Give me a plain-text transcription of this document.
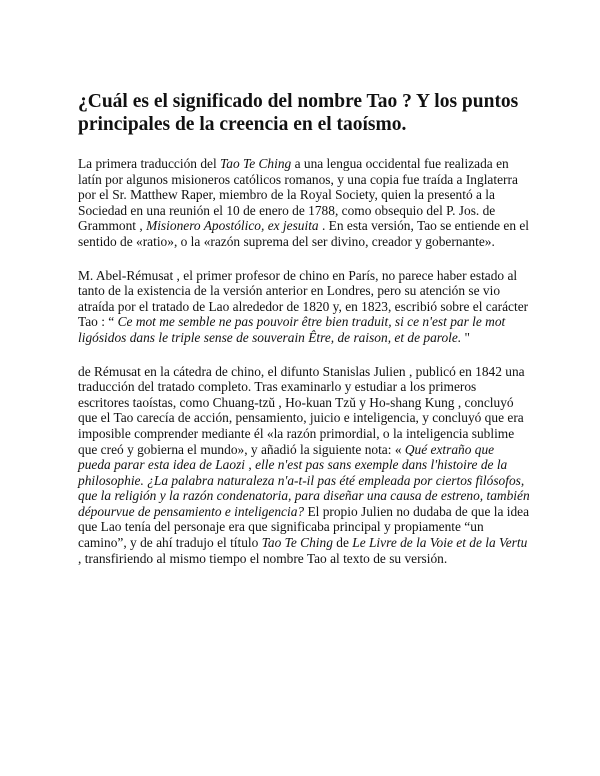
¿Cuál es el significado del nombre Tao ? Y los puntos principales de la creencia en el taoísmo.

La primera traducción del Tao Te Ching a una lengua occidental fue realizada en latín por algunos misioneros católicos romanos, y una copia fue traída a Inglaterra por el Sr. Matthew Raper, miembro de la Royal Society, quien la presentó a la Sociedad en una reunión el 10 de enero de 1788, como obsequio del P. Jos. de Grammont , Misionero Apostólico, ex jesuita . En esta versión, Tao se entiende en el sentido de «ratio», o la «razón suprema del ser divino, creador y gobernante».

M. Abel-Rémusat , el primer profesor de chino en París, no parece haber estado al tanto de la existencia de la versión anterior en Londres, pero su atención se vio atraída por el tratado de Lao alrededor de 1820 y, en 1823, escribió sobre el carácter Tao : “ Ce mot me semble ne pas pouvoir être bien traduit, si ce n'est par le mot ligósidos dans le triple sense de souverain Être, de raison, et de parole. "

de Rémusat en la cátedra de chino, el difunto Stanislas Julien , publicó en 1842 una traducción del tratado completo. Tras examinarlo y estudiar a los primeros escritores taoístas, como Chuang-tzŭ , Ho-kuan Tzŭ y Ho-shang Kung , concluyó que el Tao carecía de acción, pensamiento, juicio e inteligencia, y concluyó que era imposible comprender mediante él «la razón primordial, o la inteligencia sublime que creó y gobierna el mundo», y añadió la siguiente nota: « Qué extraño que pueda parar esta idea de Laozi , elle n'est pas sans exemple dans l'histoire de la philosophie. ¿La palabra naturaleza n'a-t-il pas été empleada por ciertos filósofos, que la religión y la razón condenatoria, para diseñar una causa de estreno, también dépourvue de pensamiento e inteligencia? El propio Julien no dudaba de que la idea que Lao tenía del personaje era que significaba principal y propiamente “un camino”, y de ahí tradujo el título Tao Te Ching de Le Livre de la Voie et de la Vertu , transfiriendo al mismo tiempo el nombre Tao al texto de su versión.
